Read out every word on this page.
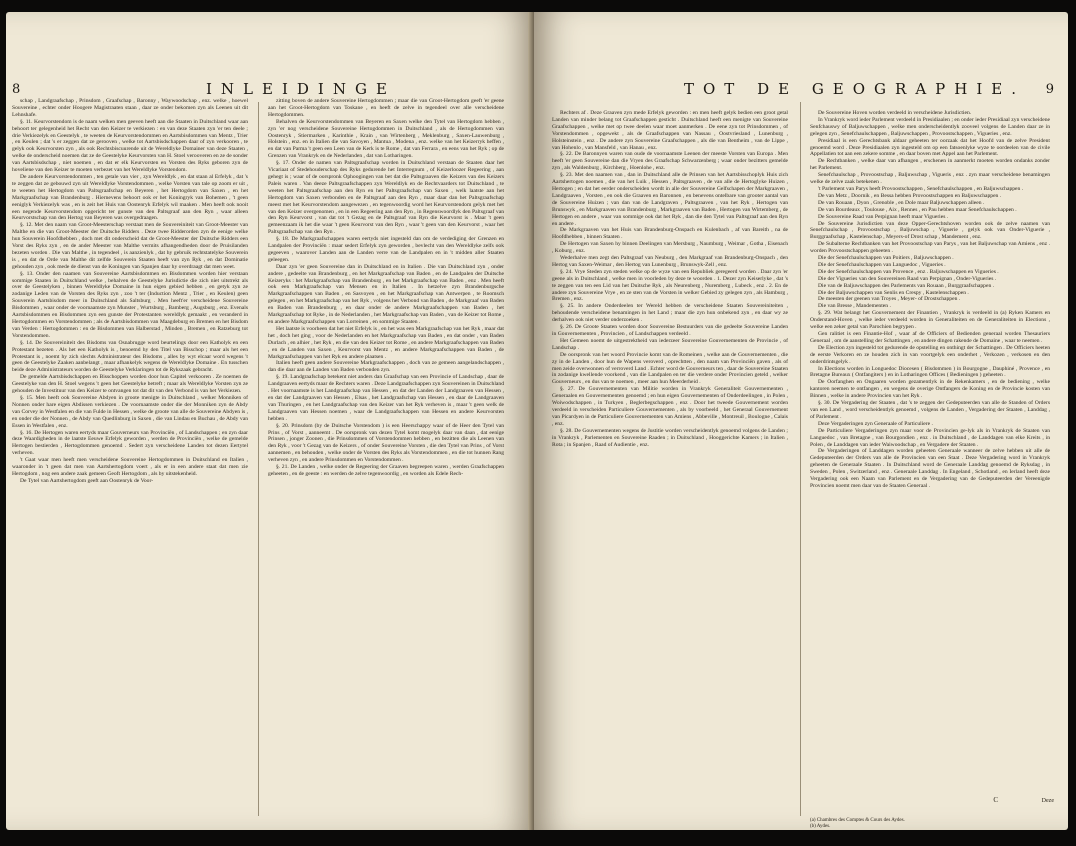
8	INLEIDINGE

schap , Landgraafschap , Prinsdom , Graafschap , Baronny , Waywoodschap , enz. welke , hoewel Souvereine , echter onder Hoogere Magistraaten staan , daar ze onder bekomen zyn als Leenen uit dit Lehnshafe.

§. 11. Keurvorstendom is de naam welken men geeven heeft aan die Staaten in Duitschland waar aan behoort ter gelegenheid het Recht van den Keizer te verkiezen : en van deze Staaten zyn 'er ten deele ; drie Verkiezelyk en Geestelyk , te weeten de Keurvorstendommen en Aartsbisdommen van Mentz , Trier , en Keulen ; dat 's er zeggen dat ze gerooven , welke tot Aartsbisdschappen daar of zyn verkooren , te gelyk ook Keurvorsten zyn , als ook Rechtsbiscuurende uit de Wereldlyke Domainer van deze Staaten , welke de onderscheid noemen dat ze de Geestelyke Keurvorsten van H. Stoel verooveren en ze de sonder van Aartsbisdschap , niet noemen , en dat er elk Keurvorsten en Vorsten des Ryks geboren zyn de hoveliene van den Keizer te moeten verbezet van het Wereldlyke Vorstendom.

De andere Keurvorstendommen , ten getale van vier , zyn Wereldlyk , en dat staan al Erfelyk , dat 's te zeggen dat ze gebouwd zyn uit Wereldlyke Vorstendommen , welke Vorsten van tale op zoom er uit , te weeten het Hertogdom van Paltsgraafschap en Beyeren , het Hertogdom van Saxen , en het Markgraafschap van Brandenburg . Hiernevens behoort ook er het Koningryk van Bohemen , 't geen eeniglyk Verkiezelyk was , en is zeit het Huis van Oostenryk Erfelyk wil maaken . Men heeft ook nooit een negende Keurvorstendom opgericht ter gunste van den Paltsgraaf aan den Ryn , waar alleen Keurvorstschap van den Hertog van Beyeren was overgedraagen.

§. 12. Met den naam van Groot-Meesterschap verstaat men de Souvereiniteit van Groot-Meester van Malthe en die van Groot-Meester der Duitsche Ridders . Deze twee Ridderorden zyn de eenige welke hun Souverein Hoofdhebben , doch met dit onderscheid dat de Groot-Meester der Duitsche Ridders een Vorst des Ryks zyn , en de ander Meester van Malthe vermits afhangendheden door de Pruisilanden bezeten worden . Die van Malthe , in tegendeel , is aanzienlyk , dat hy gebruik rechtstatelyke Souverein is , en dat de Orde van Malthe dit zelfde Souverein Staaten heeft van zyn Ryk , en dat Dominatie gehouden zyn , ook mede de dienst van de Koningen van Spanjen daar hy overdraagt dat men weet.

§. 13. Onder den naamen van Souvereine Aartsbisdommen en Bisdommen worden hier verstaan sommige Staaten in Duitschland welke , behalven de Geestelyke Jurisdictie die zich niet uitstrekt als over de Geestelyken , binnen Wereldlyke Domaine in hun eigen gebied hebben , en getyk zyn ze zodanige Leden van de Vorsten des Ryks zyn , zoo 't ter (Induction Mentz , Trier , en Keulen) geen Souverein Aartsbisdom meer in Duitschland als Saltsburg . Men heeft'er verscheidene Souvereine Bisdommen , waar onder de voornaamste zyn Munster , Wurtsburg , Bamberg , Augsburg , enz. Evenals Aartsbisdommen en Bisdommen zyn een gunste der Protestanten wereldlyk gemaakt , en veranderd in Hertogdommen en Vorstendommen ; als de Aartsbisdommen van Maagdeburg en Bremen en het Bisdom van Verden : Hertogdommen : en de Bisdommen van Halberstad , Minden , Bremen , en Ratzeburg tot Vorstendommen.

§. 14. De Souvereiniteit des Bisdoms van Osnabrugge word beurtelings door een Katholyk en een Protestant bezeten . Als het een Katholyk is , benoemd hy den Titel van Bisschop ; maar als het een Protestant is , noemt hy zich slechts Administrateur des Bisdoms , alles by wyt elcaar word wegens 't geen de Geestelyke Zaaken aanbelangt , maar afhankelyk wegens de Wereldlyke Domaine . En tusschen beide deze Administrateurs worden de Geestelyke Verklaringen tot de Rykszaak gebracht.

De gemelde Aartsbisdschappen en Bisschoppen worden door hun Capitel verkooren . Ze noemen de Geestelyke van den H. Stoel wegens 't geen het Geestelyke betreft ; maar als Wereldlyke Vorsten zyn ze gehouden de Investituur van den Keizer te ontvangen tot dat dit van den Verbond is van het Verkiezen.

§. 15. Men heeft ook Souvereine Abdyen in groote menigte in Duitschland , welker Monniken of Nonnen onder hare eigen Abdissen verkiezen . De voornaamste onder die der Monniken zyn de Abdy van Corvey in Westfalen en die van Fulde in Hessen , welke de groote van alle de Souvereine Abdyen is , en onder die der Nonnen , de Abdy van Quedlinburg in Saxen , die van Lindau en Buchau , de Abdy van Essen in Westfalen , enz.

§. 16. De Hertogen waren eertyds maar Gouverneurs van Provinciën , of Landschappen ; en zyn daar deze Waardigheden in de laatste Eeuwe Erfelyk geworden , werden de Provinciën , welke de gemelde Hertogen bestierden , Hertogdommen genoemd . Sedert zyn verscheidene Landen tot dezen Eertytel verheven.

't Gaat waar men heeft men verscheidene Souvereine Hertogdommen in Duitschland en Italien , waaronder in 't geen dat men van Aartshertogdom voert , als er in een andere staat dat men zie Hertogdom , nog een andere zaak gemeen Geoft Hertogdom , als by uitstekenheid.

De Tytel van Aartshertogdom geeft aan Oostenryk de Voor-

zitting boven de andere Souvereine Hertogdommen ; maar die van Groot-Hertogdom geeft 'er geene aan het Groot-Hertogdom van Toskane , en heeft de zelve in tegendeel over alle verscheidene Hertogdommen.

Behalven de Keurvorstendommen van Beyeren en Saxen welke den Tytel van Hertogdom hebben , zyn 'er nog verscheidene Souvereine Hertogdommen in Duitschland , als de Hertogdommen van Oostenryk , Stiermarken , Karinthie , Krain , van Wirtenberg , Meklenburg , Saxen-Lauwenburg , Holstein , enz. en in Italien die van Savoyen , Mantua , Modena , enz. welke van het Keizerryk heffen , en dat van Parma 't geen een Leen van de Kerk is te Rome , dat van Ferrara , en eens van het Ryk ; op de Grenzen van Vrankryk en de Nederlanden , dat van Lotharingen.

§. 17. Onder de namen van Paltsgraafschap worden in Duitschland verstaan de Staaten daar het Vicariaat of Stedehouderschap des Ryks gedurende het Interregnum , of Keizerloozer Regeering , aan gehegt is ; waar of de oorspronk Ophoogingen van bet dat die Paltsgraaven die Keizers van des Keizers Paleis waren . Van deeze Paltsgraafschappen zyn Wereldlyk en de Rechtvaarders tot Duitschland , te weeten het Paltsgraafschap aan den Ryn en het Paltsgraafschap van Saxen , welk laatste aan het Hertogdom van Saxen verbonden en de Paltsgraaf aan den Ryn , maar daar dan het Paltsgraafschap meest met het Keurvorstendom aangewezen , en tegenwoordig word het Keurvorstendom gelyk met het van den Keizer overgenomen , en in een Regeering aan den Ryn , in Regenswoordlyk den Paltsgraaf van den Ryn Keurvorst , van dat tot 't Gezag en de Paltsgraaf van Ryn die Keurvorst is . Maar 't geen gemeenzaam ik het die waar 't geen Keurvorst van den Ryn , waar 't geen van den Keurvorst , waar het Paltsgraafschap van den Ryn .

§. 18. De Markgraafschappen waren eertyds niet ingesteld dan om de verdediging der Grenzen en Landpalen der Provinciën : maar sedert Erfelyk zyn geworden , bevlecht van den Wereldlyke zelfs ook gegeeven , waarover Landen aan de Landen verre van de Landpalen en in 't midden aller Staaten geleegen.

Daar zyn 'er geen Souvereine dan in Duitschland en in Italien . Die van Duitschland zyn , onder andere , gedeelte van Brandenburg , en het Markgraafschap van Baden , en de Landpalen der Duitsche Keizeryks : het Markgraafschap van Brandenburg , en het Markgraafschap van Baden , enz . Men heeft ook een Markgraafschap van Mensen en in Italien . In hetzelve zyn Brandenburgsche Markgraafschappen van Baden , en Sasvoyen , en het Markgraafschap van Antwerpen , te Roomsch gelegen , en het Markgraafschap van het Ryk , volgens het Verbond van Baden , de Markgraaf van Baden en Baden van Brandenburg , en daar onder de andere Markgraafschappen van Baden , het Markgraafschap tot Ryke , in de Nederlanden , het Markgraafschap van Baden , van de Keizer tot Rome , en andere Markgraafschappen van Lorreinen , en sommige Staaten .

Het laatste is voorheen dat het niet Erfelyk is , en het was een Markgraafschap van het Ryk , maar dat het , doch het ging , voor de Nederlanden en het Markgraafschap van Baden , en dat onder , van Baden Durlach , en alhier , het Ryk , en die van den Keizer tot Rome , en andere Markgraafschappen van Baden , en de Landen van Saxen , Keurvorst van Mentz , en andere Markgraafschappen van Baden , de Markgraafschappen van het Ryk en andere plaatsen .

Italien heeft geen andere Souvereine Markgraafschappen , doch van ze gemeen aangelandschappen , dan die daar aan de Landen van Baden verbonden zyn.

§. 19. Landgraafschap betekent niet anders dan Graafschap van een Provincie of Landschap , daar de Landgraaven eertyds maar de Rechters waren . Deze Landgraafschappen zyn Souvereinen in Duitschland . Het voornaamste is het Landgraafschap van Hessen , en dat der Landen der Landgraaven van Hessen , en dat der Landgraaven van Hessen , Elsas , het Landgraafschap van Hessen , en daar de Landgraaven van Thuringen , en het Landgraafschap van den Keizer van het Ryk verheven is , maar 't geen welk de Landgraaven van Hessen noemen , waar de Landgraafschappen van Hessen en andere Keurvorsten hebben .

§. 20. Prinsdom (by de Duitsche Vorstendom ) is een Heerschappy waar of de Heer den Tytel van Prins , of Vorst , aanneemt . De oorspronk van dezen Tytel komt mogelyk daar van daan , dat eenige Prinsen , jonger Zoonen , die Prinsdommen of Vorstendommen hebben , en bezitten die als Leenen van den Ryk , voor 't Gezag van de Keizers , of onder Souvereine Vorsten , die den Tytel van Prins , of Vorst aannemen , en behouden , welke onder de Vorsten des Ryks als Vorstendommen , en die tot hunnen Rang verheven zyn , en andere Prinsdommen en Vorstendommen .

§. 21. De Landen , welke onder de Regeering der Graaven begreepen waren , werden Graafschappen geheeten , en de geeste : en werden de zelve tegenwoordig , en worden als Edele Rech-

TOT DE GEOGRAPHIE. 9

Rechters af . Deze Graaven zyn mede Erfelyk geworden : en men heeft gelyk bedien een groot getal Landen van minder belang tot Graafschappen gesticht . Duitschland heeft een menigte van Souvereine Graafschappen , welke met op twee deelen waar moet aanmerken . De eene zyn tot Prinsdommen , of Vorstendommen , opgewekt , als de Graafschappen van Nassau , Oostvriesland , Lunenburg , Holsteinstein , enz . De andere zyn Souvereine Graafschappen , als die van Bentheim , van de Lippe , van Hohenlo , van Mansfeld , van Hanau , enz.

§. 22. De Baronnyen waren van oude de voornaamste Leenen der meeste Vorsten van Europa . Men heeft 'er geen Souvereine dan die Vryen des Graafschap Schwarzenberg ; waar onder bezitters gemelde zyn , als Waldenburg , Kirchberg , Hoenlohe , enz.

§. 23. Met den naamen van , dan in Duitschland alle de Prinsen van het Aartsbisschoplyk Huis zich Aartshertogen noemen , die van het Luik , Hessen , Paltsgraaven , de van alle de Hertoglyke Huizen , Hertogen ; en dat het eerder onderscheiden wordt in alle der Souvereine Gelfschapen der Markgraaven , Landgraaven , Vorsten , en ook die Graaven en Baronnen , en benevens ontelbare van grooter aantal van de Souvereine Huizen ; van dan van de Landgraven , Paltsgraaven , van het Ryk , Hertogen van Brunswyk , en Markgraaven van Brandenburg , Markgraaven van Baden , Hertogen van Wirtemberg , de Hertogen en andere , waar van sommige ook dat het Ryk , dan die den Tytel van Paltsgraaf aan den Ryn en andere .

De Markgraaven van het Huis van Brandenburg-Onspach en Kulenbach , af van Bareith , na de Hoofdhebben , binnen Staaten .

De Hertogen van Saxen hy binnen Deelingen van Mersburg , Naumburg , Weimar , Gotha , Eisenach , Koburg , enz.

Wederhalve men zegt den Paltsgraaf van Neuburg , den Markgraaf van Brandenburg-Onspach , den Hertog van Saxen-Weimar , den Hertog van Lunenburg , Brunswyk-Zell , enz.

§. 24. Vrye Steden zyn steden welke op de wyze van een Republiek geregeerd worden . Daar zyn 'er geene als in Duitschland , welke men in voorleden by deze te woorden . 1. Dezer zyn Keiserlyke , dat 's te zeggen van ten een Lid van het Duitsche Ryk , als Neurenberg , Nuremberg , Lubeck , enz . 2. En de andere zyn Souvereine Vrye , en ze sten van de Vorsten in welker Gebied zy gelegen zyn , als Hamburg , Bremen , enz.

§. 25. In andere Onderdeelen ter Wereld hebben de verscheidene Staaten Souvereiniteiten , behoudende verscheidene benamingen in het Land ; maar die zyn hun onbekend zyn , en daar wy ze derhalven ook niet verder onderzoeken .

§. 26. De Groote Staaten worden door Souvereine Bestuurders van die gedeelte Souvereine Landen in Gouvernementen , Provincien , of Landschappen verdeeld .

Het Gemeen noemt de uitgestrektheid van iederzeer Souvereine Gouvernementen de Provincie , of Landschap .

De oorspronk van het woord Provincie komt van de Romeinen , welke aan de Gouvernementen , die zy in de Landen , door hun de Wapens veroverd , oprechtten , den naam van Provinciën gaven , als of men zeide overwonnen of verroverd Land . Echter word de Gouverneurs ten , daar de Souvereine Staaten in zodanige kwellende voorkend , van die Landpalen en ter die verdere onder Provincien geteld , welker Gouverneurs , en dus van te noemen , meer aan hun Meerderheid .

§. 27. De Gouvernementen van Militie worden in Vrankryk Generaliteit Gouvernementen , Generaalen en Gouvernementen genoemd ; en hun eigen Gouvernementen of Onderdeelingen , in Polen , Woiwodschappen , in Turkyen , Beglerbegschappen , enz . Door het tweede Gouvernement worden verdeeld in verscheiden Particuliere Gouvernementen , als by voorbeeld , het Generaal Gouvernement van Picardyen in de Particuliere Gouvernementen van Amiens , Abbeville , Montreuil , Boulogne , Calais , enz.

§. 28. De Gouvernementen wegens de Justitie worden verscheidentlyk genoemd volgens de Landen ; in Vrankryk , Parlementen en Souvereine Raaden ; in Duitschland , Hooggerichte Kamers ; in Italien , Rota ; in Spanjen , Raad of Audientie , enz.

De Souvereine Hoven worden verdeeld in verscheidene Jurisdictien.

In Vrankryk word ieder Parlement verdeeld in Presidiaalen ; en onder ieder Presidiaal zyn verscheidene Senfchauswy of Baljuwschappen , welke men onderscheidentlyk zooveel volgens de Landen daar ze in gelegen zyn , Senefchaulschappen , Baljuwschappen , Provoostschappen , Vigueries , enz.

Presidiaal is een Gerechtsbank aldaar geheeten ter oorzaak dat het Hoofd van de zelve President genoemd word . Deze Presidiaalen zyn ingesteld om op een fatsoenlyke wyze te oordeelen van de civile Appellatien tot aan een zekere somme , en daar boven met Appel aan het Parlement.

De Rechtbanken , welke daar van afhangen , erschenen in aanmerkt moeten worden ondanks zonder het Parlement.

Senefchaulschap , Provoostschap , Baljuwschap , Vigueris , enz . zyn maar verscheidene benamingen welke de zelve zaak betekenen .

't Parlement van Parys heeft Provoostschappen , Senefchaulschappen , en Baljuwschappen .

De van Metz , Doornik , en Bessa hebben Provoostschappen en Baljuwschappen .

De van Rouaan , Dyon , Grenoble , en Dole maar Baljuwschappen alleen .

De van Bourdeaux , Toulouse , Aix , Rennes , en Pau hebben maar Senefchaulschappen .

De Souvereine Raad van Perpignan heeft maar Vigueries .

De Souvereine Jurisdictien van deze Opper-Gerechtshoven worden ook de zelve naamen van Senefchaulschap , Provoostschap , Baljuwschap , Viguerie , gelyk ook van Onder-Viguerie , Burggraafschap , Kastelenschap , Meyers-of Drost schap , Mandement , enz.

De Subalterne Rechtbanken van het Provoostschap van Parys , van het Baljuwschap van Amiens , enz . worden Provoostschappen geheeten .

Die der Senefchaulschappen van Poitiers , Baljuwschappen .

Die der Senefchaulschappen van Languedoc , Vigueries .

Die der Senefchaulschappen van Provence , enz . Baljuwschappen en Vigueries .

Die der Vigueries van den Souvereinen Raad van Perpignan , Onder-Vigueries .

Die van de Baljuwschappen des Parlements van Rouaan , Burggraafschappen .

Die der Baljuwschappen van Senlis en Crespy , Kastelenschappen .

De meesten der geenen van Troyes , Meyer- of Drostschappen .

Die van Bresse , Mandementen .

§. 29. Wat belangt het Gouvernement der Finantien , Vrankryk is verdeeld in (a) Ryken Kamers en Onderstand-Hoven , welke ieder verdeeld worden in Generaliteiten en de Generaliteiten in Elections , welke een zeker getal van Parochien begrypen .

Gen ralitiet is een Finantie-Hof , waar af de Officiers of Bedienden generaal worden Thesauriers Generaal , om de aanstelling der Schattingen , en andere dingen rakende de Domaine , waar te neemen .

De Election zyn ingesteld tot gedurende de opstelling en onthingt der Schattingen . De Officiers heeten de eerste Verkoren en ze houden zich in van voortgelyk een onderhet , Verkozen , verkosen en den onderdrintsgelyk .

In Elections worden in Longuedoc Diocesen ( Bisdommen ) in Bourgogne , Dauphiné , Provence , en Bretagne Bureaux ( Ontfangiters ) en in Lotharingen Offices ( Bedieningen ) geheeten .

De Oorfanghen en Ongaaren worden gezamentlyk in de Rekenkamers , en de bediening , welke kantoren neemen te ontfangen , en wegens de overige Ontfangers de Koning en de Provincie kosten van Binnen , welke in andere Provincien van het Ryk .

§. 30. De Vergadering der Staaten , dat 's te zeggen der Gedeputeerden van alle de Standen of Orders van een Land , word verscheidentlyk genoemd , volgens de Landen , Vergadering der Staaten , Landdag , of Parlement .

Deze Vergaderingen zyn Generaale of Particuliere .

De Particuliere Vergaderingen zyn maar voor de Provincien ge-lyk als in Vrankryk de Staaten van Languedoc , van Bretagne , van Bourgondien , enz . in Duitschland , de Landdagen van elke Kreits , in Polen , de Landdagen van ieder Waiwoodschap , en Vergadere der Staaten .

De Vergaderingen of Landdagen worden geheeten Generaale wanneer de zelve hebben uit alle de Gedeputeerden der Orders van alle de Provincien van een Staat . Deze Vergadering word in Vrankryk geheeten de Generaale Staaten . In Duitschland word de Generaale Landdag genoemd de Ryksdag , in Sweden , Polen , Switzerland , enz . Generaale Landdag . In Engeland , Schotland , en Ierland heeft deze Vergadering ook een Naam van Parlement en de Vergadering van de Gedeputeerden der Vereenigde Provincien noemt men daar van de Staaten Generaal .

C
(a) Chambres des Comptes & Cours des Aydes.
(b) Aydes.
Deze
